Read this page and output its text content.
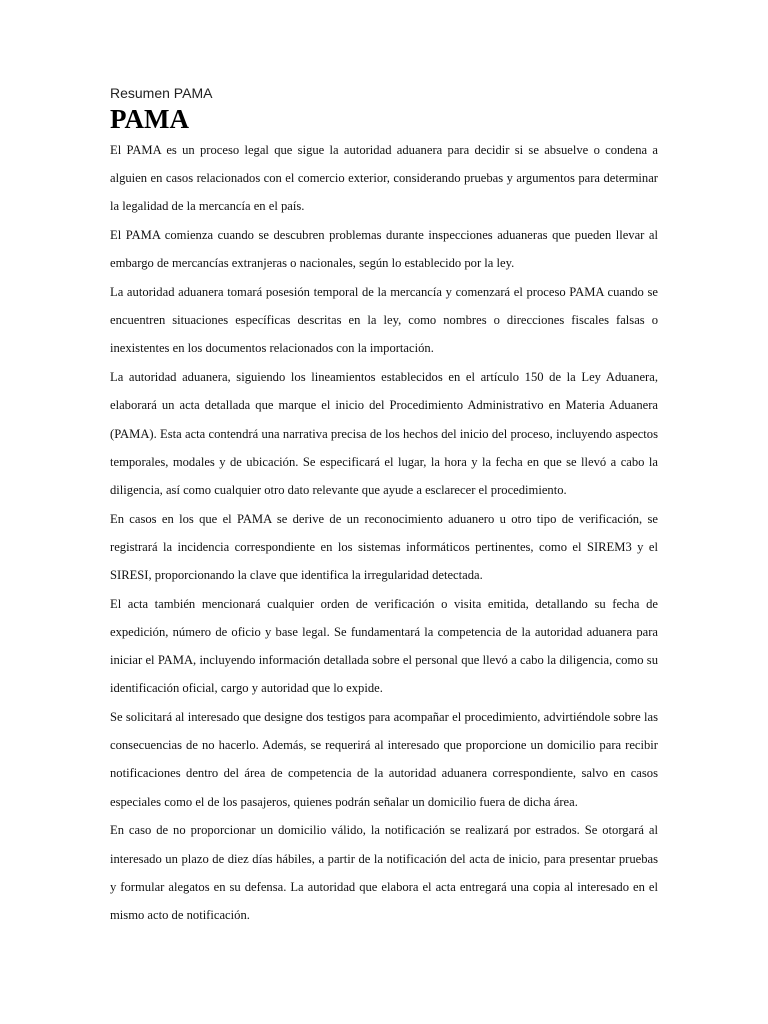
Resumen PAMA
PAMA

El PAMA es un proceso legal que sigue la autoridad aduanera para decidir si se absuelve o condena a alguien en casos relacionados con el comercio exterior, considerando pruebas y argumentos para determinar la legalidad de la mercancía en el país.

El PAMA comienza cuando se descubren problemas durante inspecciones aduaneras que pueden llevar al embargo de mercancías extranjeras o nacionales, según lo establecido por la ley.

La autoridad aduanera tomará posesión temporal de la mercancía y comenzará el proceso PAMA cuando se encuentren situaciones específicas descritas en la ley, como nombres o direcciones fiscales falsas o inexistentes en los documentos relacionados con la importación.

La autoridad aduanera, siguiendo los lineamientos establecidos en el artículo 150 de la Ley Aduanera, elaborará un acta detallada que marque el inicio del Procedimiento Administrativo en Materia Aduanera (PAMA). Esta acta contendrá una narrativa precisa de los hechos del inicio del proceso, incluyendo aspectos temporales, modales y de ubicación. Se especificará el lugar, la hora y la fecha en que se llevó a cabo la diligencia, así como cualquier otro dato relevante que ayude a esclarecer el procedimiento.

En casos en los que el PAMA se derive de un reconocimiento aduanero u otro tipo de verificación, se registrará la incidencia correspondiente en los sistemas informáticos pertinentes, como el SIREM3 y el SIRESI, proporcionando la clave que identifica la irregularidad detectada.

El acta también mencionará cualquier orden de verificación o visita emitida, detallando su fecha de expedición, número de oficio y base legal. Se fundamentará la competencia de la autoridad aduanera para iniciar el PAMA, incluyendo información detallada sobre el personal que llevó a cabo la diligencia, como su identificación oficial, cargo y autoridad que lo expide.

Se solicitará al interesado que designe dos testigos para acompañar el procedimiento, advirtiéndole sobre las consecuencias de no hacerlo. Además, se requerirá al interesado que proporcione un domicilio para recibir notificaciones dentro del área de competencia de la autoridad aduanera correspondiente, salvo en casos especiales como el de los pasajeros, quienes podrán señalar un domicilio fuera de dicha área.

En caso de no proporcionar un domicilio válido, la notificación se realizará por estrados. Se otorgará al interesado un plazo de diez días hábiles, a partir de la notificación del acta de inicio, para presentar pruebas y formular alegatos en su defensa. La autoridad que elabora el acta entregará una copia al interesado en el mismo acto de notificación.
